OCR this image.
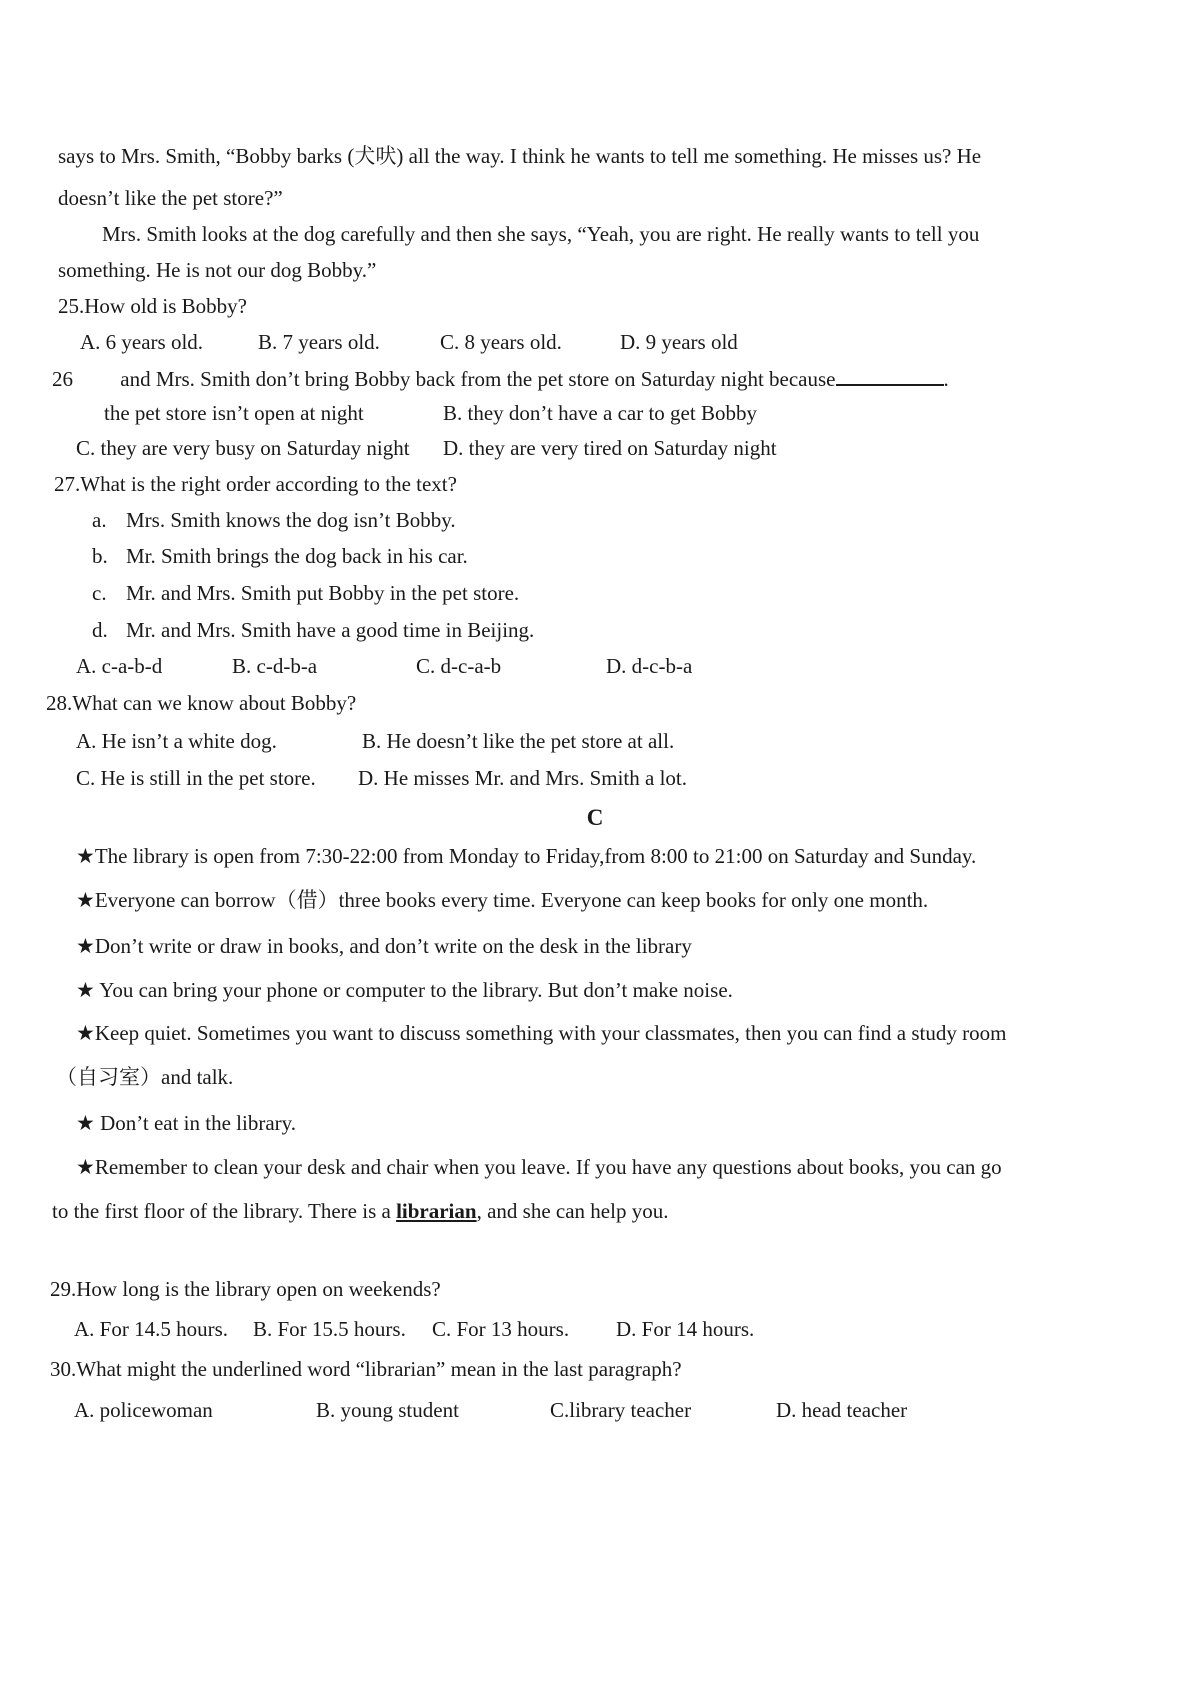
says to Mrs. Smith, “Bobby barks (犬吠) all the way. I think he wants to tell me something. He misses us? He
doesn’t like the pet store?”
Mrs. Smith looks at the dog carefully and then she says, “Yeah, you are right. He really wants to tell you
something. He is not our dog Bobby.”
25.How old is Bobby?
A. 6 years old.	B. 7 years old.	C. 8 years old.	D. 9 years old
26 and Mrs. Smith don’t bring Bobby back from the pet store on Saturday night because	.
the pet store isn’t open at night	B. they don’t have a car to get Bobby
C. they are very busy on Saturday night D. they are very tired on Saturday night
27.What is the right order according to the text?
a. Mrs. Smith knows the dog isn’t Bobby.
b. Mr. Smith brings the dog back in his car.
c. Mr. and Mrs. Smith put Bobby in the pet store.
d. Mr. and Mrs. Smith have a good time in Beijing.
A. c-a-b-d	B. c-d-b-a	C. d-c-a-b	D. d-c-b-a
28.What can we know about Bobby?
A. He isn’t a white dog.	B. He doesn’t like the pet store at all.
C. He is still in the pet store. D. He misses Mr. and Mrs. Smith a lot.
C
★The library is open from 7:30-22:00 from Monday to Friday,from 8:00 to 21:00 on Saturday and Sunday.
★Everyone can borrow（借）three books every time. Everyone can keep books for only one month.
★Don’t write or draw in books, and don’t write on the desk in the library
★ You can bring your phone or computer to the library. But don’t make noise.
★Keep quiet. Sometimes you want to discuss something with your classmates, then you can find a study room
（自习室）and talk.
★ Don’t eat in the library.
★Remember to clean your desk and chair when you leave. If you have any questions about books, you can go
to the first floor of the library. There is a librarian, and she can help you.
29.How long is the library open on weekends?
A. For 14.5 hours. B. For 15.5 hours. C. For 13 hours. D. For 14 hours.
30.What might the underlined word “librarian” mean in the last paragraph?
A. policewoman	B. young student	C.library teacher	D. head teacher
